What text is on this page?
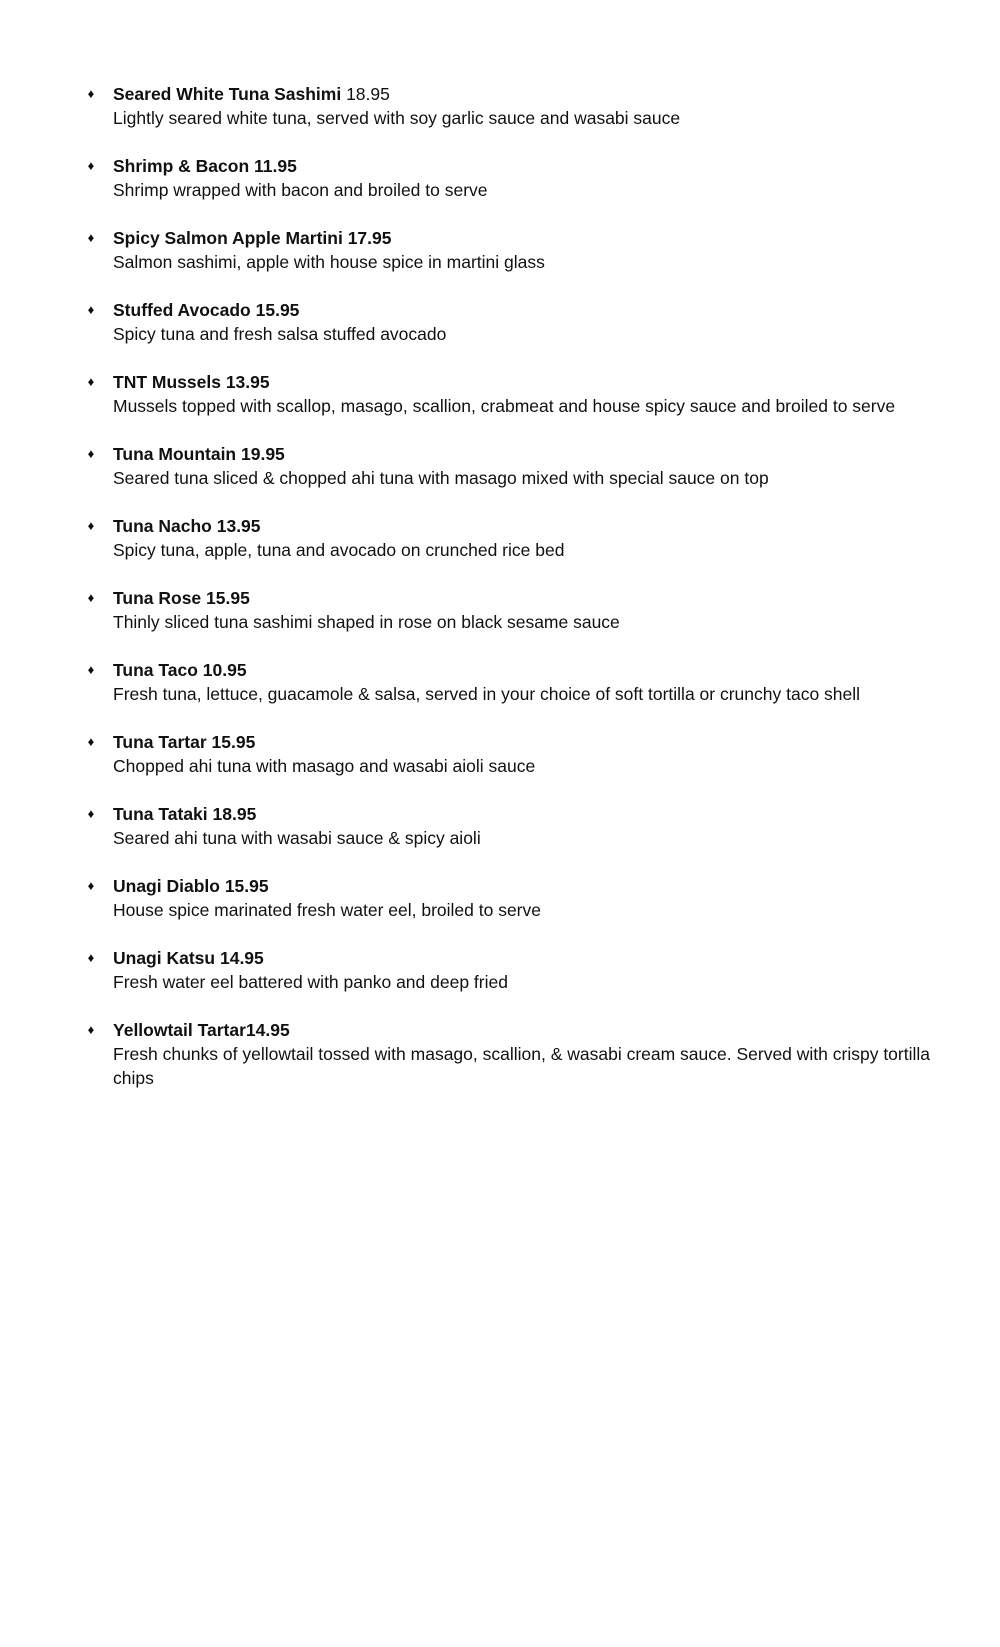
♦ Seared White Tuna Sashimi 18.95
Lightly seared white tuna, served with soy garlic sauce and wasabi sauce
♦ Shrimp & Bacon 11.95
Shrimp wrapped with bacon and broiled to serve
♦ Spicy Salmon Apple Martini 17.95
Salmon sashimi, apple with house spice in martini glass
♦ Stuffed Avocado 15.95
Spicy tuna and fresh salsa stuffed avocado
♦ TNT Mussels 13.95
Mussels topped with scallop, masago, scallion, crabmeat and house spicy sauce and broiled to serve
♦ Tuna Mountain 19.95
Seared tuna sliced & chopped ahi tuna with masago mixed with special sauce on top
♦ Tuna Nacho 13.95
Spicy tuna, apple, tuna and avocado on crunched rice bed
♦ Tuna Rose 15.95
Thinly sliced tuna sashimi shaped in rose on black sesame sauce
♦ Tuna Taco 10.95
Fresh tuna, lettuce, guacamole & salsa, served in your choice of soft tortilla or crunchy taco shell
♦ Tuna Tartar 15.95
Chopped ahi tuna with masago and wasabi aioli sauce
♦ Tuna Tataki 18.95
Seared ahi tuna with wasabi sauce & spicy aioli
♦ Unagi Diablo 15.95
House spice marinated fresh water eel, broiled to serve
♦ Unagi Katsu 14.95
Fresh water eel battered with panko and deep fried
♦ Yellowtail Tartar14.95
Fresh chunks of yellowtail tossed with masago, scallion, & wasabi cream sauce. Served with crispy tortilla chips
